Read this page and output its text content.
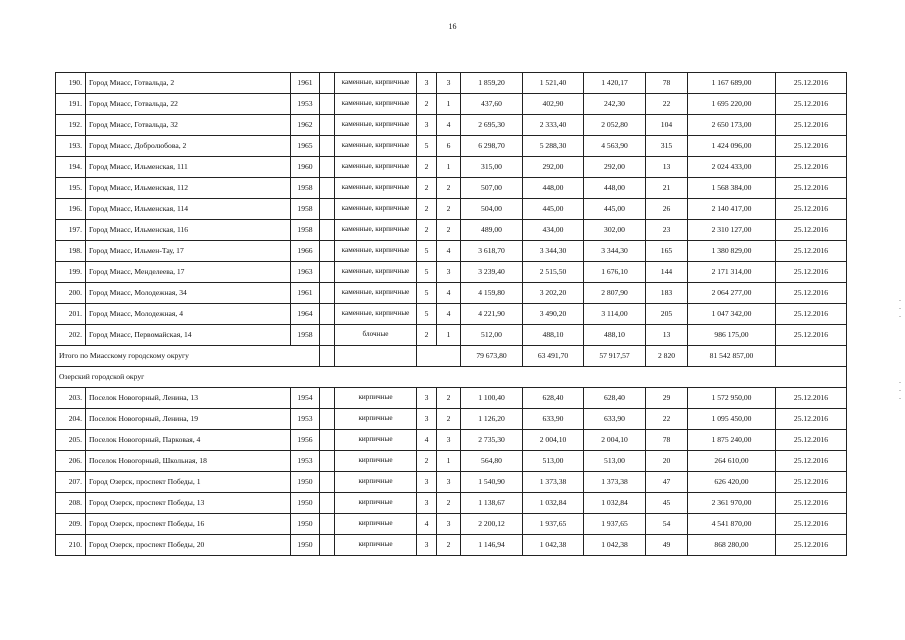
16
190.	Город Миасс, Готвальда, 2	1961		каменные, кирпичные	3	3	1 859,20	1 521,40	1 420,17	78	1 167 689,00	25.12.2016
191.	Город Миасс, Готвальда, 22	1953		каменные, кирпичные	2	1	437,60	402,90	242,30	22	1 695 220,00	25.12.2016
192.	Город Миасс, Готвальда, 32	1962		каменные, кирпичные	3	4	2 695,30	2 333,40	2 052,80	104	2 650 173,00	25.12.2016
193.	Город Миасс, Добролюбова, 2	1965		каменные, кирпичные	5	6	6 298,70	5 288,30	4 563,90	315	1 424 096,00	25.12.2016
194.	Город Миасс, Ильменская, 111	1960		каменные, кирпичные	2	1	315,00	292,00	292,00	13	2 024 433,00	25.12.2016
195.	Город Миасс, Ильменская, 112	1958		каменные, кирпичные	2	2	507,00	448,00	448,00	21	1 568 384,00	25.12.2016
196.	Город Миасс, Ильменская, 114	1958		каменные, кирпичные	2	2	504,00	445,00	445,00	26	2 140 417,00	25.12.2016
197.	Город Миасс, Ильменская, 116	1958		каменные, кирпичные	2	2	489,00	434,00	302,00	23	2 310 127,00	25.12.2016
198.	Город Миасс, Ильмен-Тау, 17	1966		каменные, кирпичные	5	4	3 618,70	3 344,30	3 344,30	165	1 380 829,00	25.12.2016
199.	Город Миасс, Менделеева, 17	1963		каменные, кирпичные	5	3	3 239,40	2 515,50	1 676,10	144	2 171 314,00	25.12.2016
200.	Город Миасс, Молодежная, 34	1961		каменные, кирпичные	5	4	4 159,80	3 202,20	2 807,90	183	2 064 277,00	25.12.2016
201.	Город Миасс, Молодежная, 4	1964		каменные, кирпичные	5	4	4 221,90	3 490,20	3 114,00	205	1 047 342,00	25.12.2016
202.	Город Миасс, Первомайская, 14	1958		блочные	2	1	512,00	488,10	488,10	13	986 175,00	25.12.2016
Итого по Миасскому городскому округу							79 673,80	63 491,70	57 917,57	2 820	81 542 857,00	
Озерский городской округ												
203.	Поселок Новогорный, Ленина, 13	1954		кирпичные	3	2	1 100,40	628,40	628,40	29	1 572 950,00	25.12.2016
204.	Поселок Новогорный, Ленина, 19	1953		кирпичные	3	2	1 126,20	633,90	633,90	22	1 095 450,00	25.12.2016
205.	Поселок Новогорный, Парковая, 4	1956		кирпичные	4	3	2 735,30	2 004,10	2 004,10	78	1 875 240,00	25.12.2016
206.	Поселок Новогорный, Школьная, 18	1953		кирпичные	2	1	564,80	513,00	513,00	20	264 610,00	25.12.2016
207.	Город Озерск, проспект Победы, 1	1950		кирпичные	3	3	1 540,90	1 373,38	1 373,38	47	626 420,00	25.12.2016
208.	Город Озерск, проспект Победы, 13	1950		кирпичные	3	2	1 138,67	1 032,84	1 032,84	45	2 361 970,00	25.12.2016
209.	Город Озерск, проспект Победы, 16	1950		кирпичные	4	3	2 200,12	1 937,65	1 937,65	54	4 541 870,00	25.12.2016
210.	Город Озерск, проспект Победы, 20	1950		кирпичные	3	2	1 146,94	1 042,38	1 042,38	49	868 280,00	25.12.2016
